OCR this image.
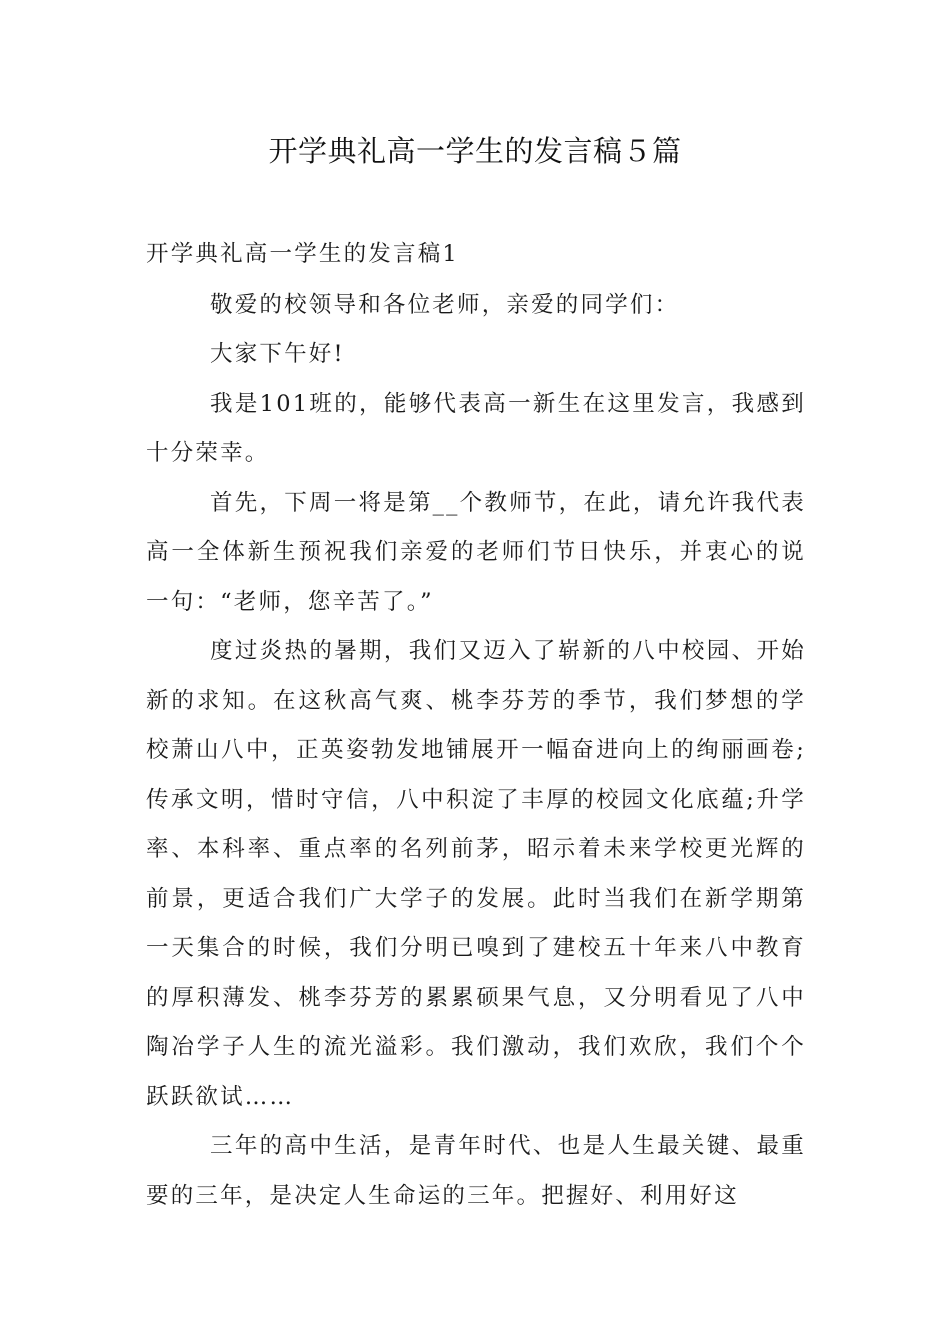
开学典礼高一学生的发言稿５篇

开学典礼高一学生的发言稿1

敬爱的校领导和各位老师，亲爱的同学们：

大家下午好!

我是101班的，能够代表高一新生在这里发言，我感到十分荣幸。

首先，下周一将是第__个教师节，在此，请允许我代表高一全体新生预祝我们亲爱的老师们节日快乐，并衷心的说一句：“老师，您辛苦了。”

度过炎热的暑期，我们又迈入了崭新的八中校园、开始新的求知。在这秋高气爽、桃李芬芳的季节，我们梦想的学校萧山八中，正英姿勃发地铺展开一幅奋进向上的绚丽画卷;传承文明，惜时守信，八中积淀了丰厚的校园文化底蕴;升学率、本科率、重点率的名列前茅，昭示着未来学校更光辉的前景，更适合我们广大学子的发展。此时当我们在新学期第一天集合的时候，我们分明已嗅到了建校五十年来八中教育的厚积薄发、桃李芬芳的累累硕果气息，又分明看见了八中陶冶学子人生的流光溢彩。我们激动，我们欢欣，我们个个跃跃欲试……

三年的高中生活，是青年时代、也是人生最关键、最重要的三年，是决定人生命运的三年。把握好、利用好这
